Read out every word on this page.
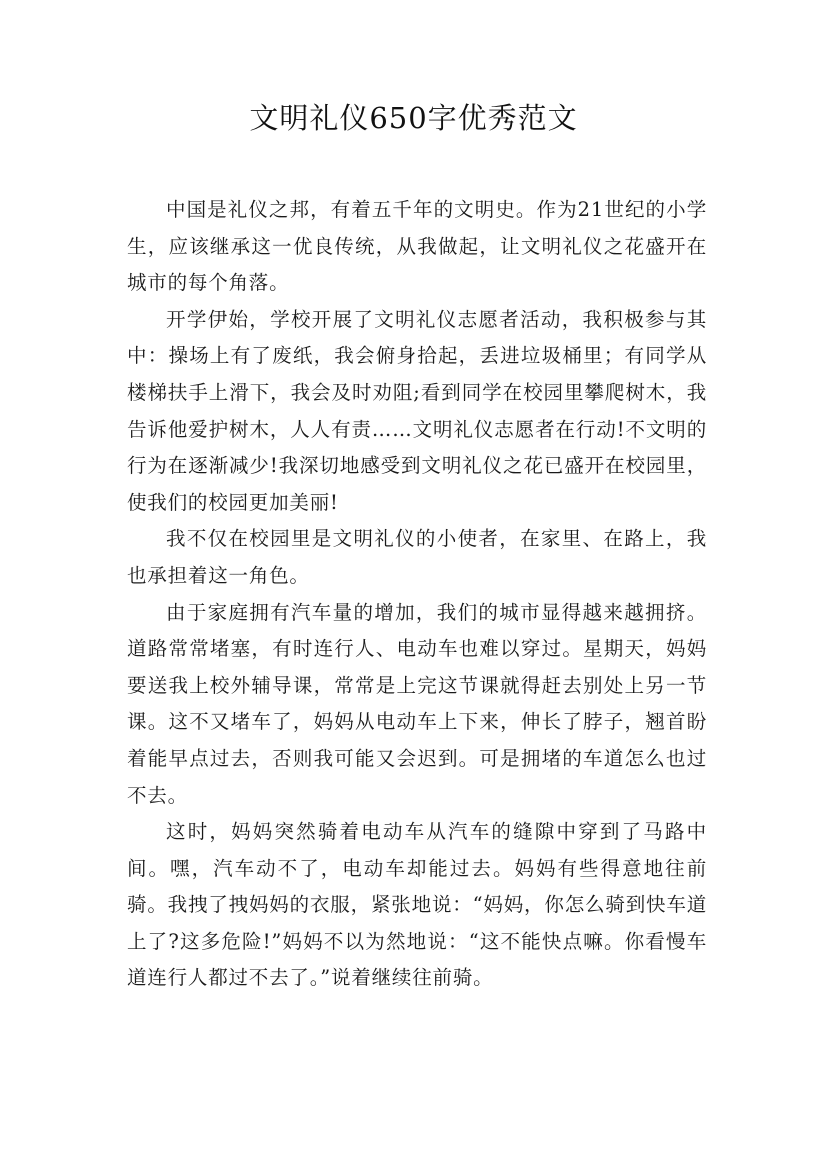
文明礼仪650字优秀范文

中国是礼仪之邦，有着五千年的文明史。作为21世纪的小学生，应该继承这一优良传统，从我做起，让文明礼仪之花盛开在城市的每个角落。

开学伊始，学校开展了文明礼仪志愿者活动，我积极参与其中：操场上有了废纸，我会俯身拾起，丢进垃圾桶里；有同学从楼梯扶手上滑下，我会及时劝阻;看到同学在校园里攀爬树木，我告诉他爱护树木，人人有责……文明礼仪志愿者在行动!不文明的行为在逐渐减少!我深切地感受到文明礼仪之花已盛开在校园里，使我们的校园更加美丽!

我不仅在校园里是文明礼仪的小使者，在家里、在路上，我也承担着这一角色。

由于家庭拥有汽车量的增加，我们的城市显得越来越拥挤。道路常常堵塞，有时连行人、电动车也难以穿过。星期天，妈妈要送我上校外辅导课，常常是上完这节课就得赶去别处上另一节课。这不又堵车了，妈妈从电动车上下来，伸长了脖子，翘首盼着能早点过去，否则我可能又会迟到。可是拥堵的车道怎么也过不去。

这时，妈妈突然骑着电动车从汽车的缝隙中穿到了马路中间。嘿，汽车动不了，电动车却能过去。妈妈有些得意地往前骑。我拽了拽妈妈的衣服，紧张地说：“妈妈，你怎么骑到快车道上了?这多危险!”妈妈不以为然地说：“这不能快点嘛。你看慢车道连行人都过不去了。”说着继续往前骑。
